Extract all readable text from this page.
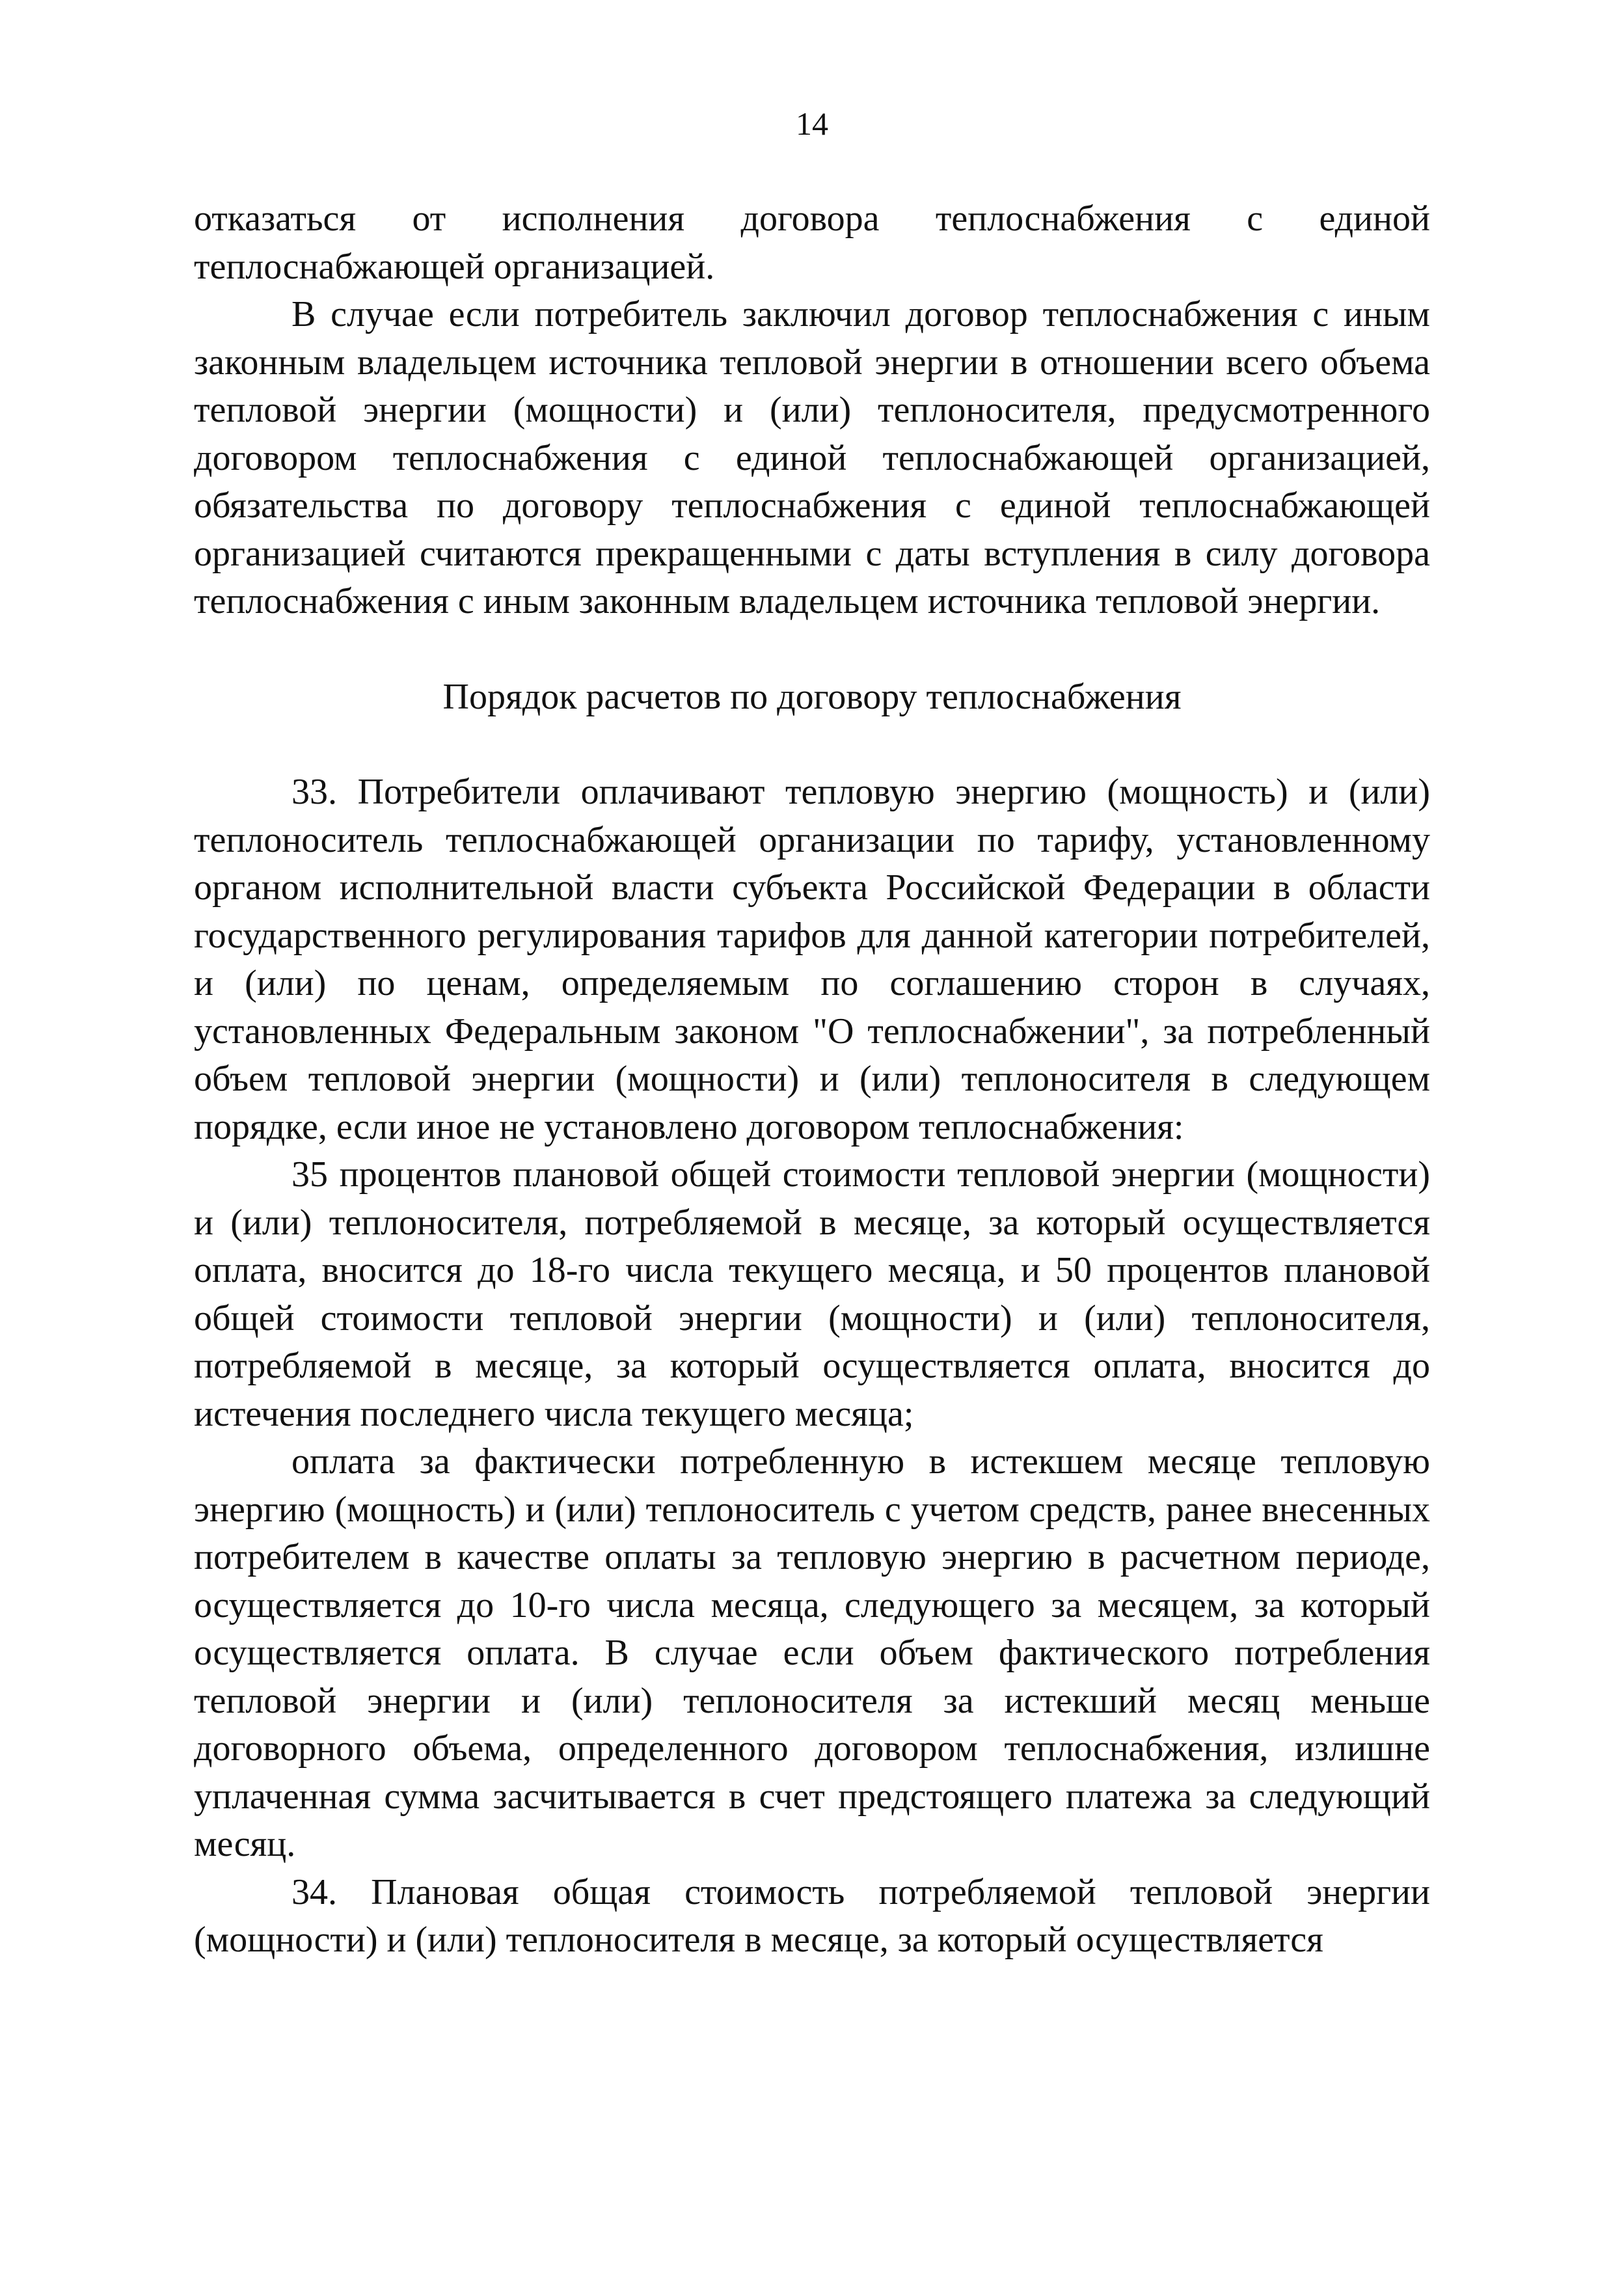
14

отказаться от исполнения договора теплоснабжения с единой теплоснабжающей организацией.

В случае если потребитель заключил договор теплоснабжения с иным законным владельцем источника тепловой энергии в отношении всего объема тепловой энергии (мощности) и (или) теплоносителя, предусмотренного договором теплоснабжения с единой теплоснабжающей организацией, обязательства по договору теплоснабжения с единой теплоснабжающей организацией считаются прекращенными с даты вступления в силу договора теплоснабжения с иным законным владельцем источника тепловой энергии.

Порядок расчетов по договору теплоснабжения

33. Потребители оплачивают тепловую энергию (мощность) и (или) теплоноситель теплоснабжающей организации по тарифу, установленному органом исполнительной власти субъекта Российской Федерации в области государственного регулирования тарифов для данной категории потребителей, и (или) по ценам, определяемым по соглашению сторон в случаях, установленных Федеральным законом "О теплоснабжении", за потребленный объем тепловой энергии (мощности) и (или) теплоносителя в следующем порядке, если иное не установлено договором теплоснабжения:

35 процентов плановой общей стоимости тепловой энергии (мощности) и (или) теплоносителя, потребляемой в месяце, за который осуществляется оплата, вносится до 18-го числа текущего месяца, и 50 процентов плановой общей стоимости тепловой энергии (мощности) и (или) теплоносителя, потребляемой в месяце, за который осуществляется оплата, вносится до истечения последнего числа текущего месяца;

оплата за фактически потребленную в истекшем месяце тепловую энергию (мощность) и (или) теплоноситель с учетом средств, ранее внесенных потребителем в качестве оплаты за тепловую энергию в расчетном периоде, осуществляется до 10-го числа месяца, следующего за месяцем, за который осуществляется оплата. В случае если объем фактического потребления тепловой энергии и (или) теплоносителя за истекший месяц меньше договорного объема, определенного договором теплоснабжения, излишне уплаченная сумма засчитывается в счет предстоящего платежа за следующий месяц.

34. Плановая общая стоимость потребляемой тепловой энергии (мощности) и (или) теплоносителя в месяце, за который осуществляется
